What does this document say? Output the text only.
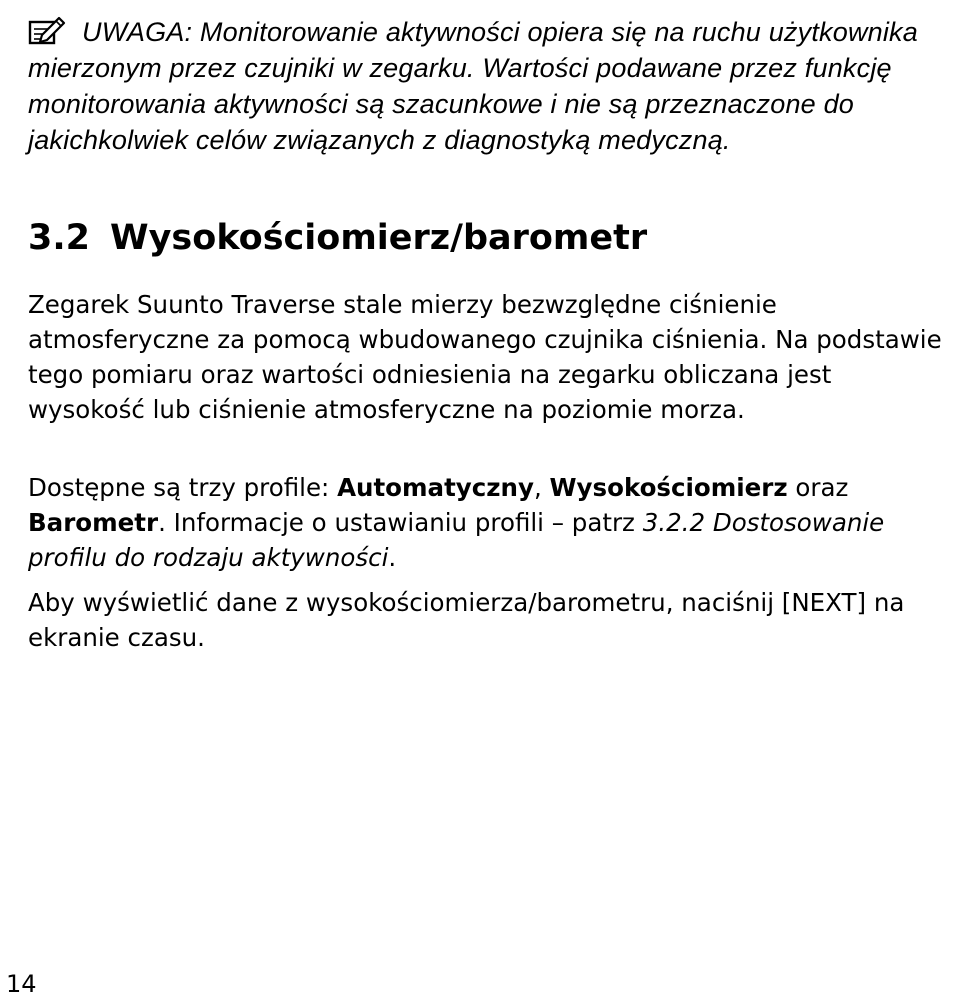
UWAGA: Monitorowanie aktywności opiera się na ruchu użytkownika mierzonym przez czujniki w zegarku. Wartości podawane przez funkcję monitorowania aktywności są szacunkowe i nie są przeznaczone do jakichkolwiek celów związanych z diagnostyką medyczną.
3.2 Wysokościomierz/barometr

Zegarek Suunto Traverse stale mierzy bezwzględne ciśnienie atmosferyczne za pomocą wbudowanego czujnika ciśnienia. Na podstawie tego pomiaru oraz wartości odniesienia na zegarku obliczana jest wysokość lub ciśnienie atmosferyczne na poziomie morza.

Dostępne są trzy profile: Automatyczny, Wysokościomierz oraz Barometr. Informacje o ustawianiu profili – patrz 3.2.2 Dostosowanie profilu do rodzaju aktywności.

Aby wyświetlić dane z wysokościomierza/barometru, naciśnij [NEXT] na ekranie czasu.

14
